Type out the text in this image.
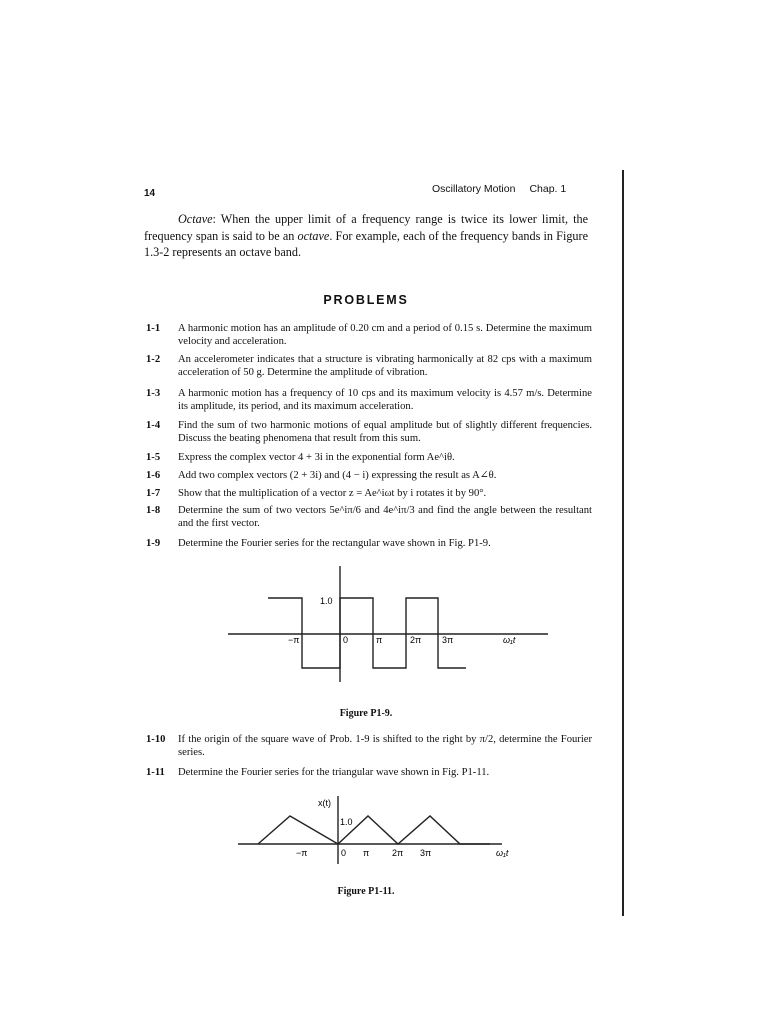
14	Oscillatory Motion Chap. 1
Octave: When the upper limit of a frequency range is twice its lower limit, the frequency span is said to be an octave. For example, each of the frequency bands in Figure 1.3-2 represents an octave band.
PROBLEMS
1-1	A harmonic motion has an amplitude of 0.20 cm and a period of 0.15 s. Determine the maximum velocity and acceleration.
1-2	An accelerometer indicates that a structure is vibrating harmonically at 82 cps with a maximum acceleration of 50 g. Determine the amplitude of vibration.
1-3	A harmonic motion has a frequency of 10 cps and its maximum velocity is 4.57 m/s. Determine its amplitude, its period, and its maximum acceleration.
1-4	Find the sum of two harmonic motions of equal amplitude but of slightly different frequencies. Discuss the beating phenomena that result from this sum.
1-5	Express the complex vector 4 + 3i in the exponential form Ae^iθ.
1-6	Add two complex vectors (2 + 3i) and (4 − i) expressing the result as A∠θ.
1-7	Show that the multiplication of a vector z = Ae^iωt by i rotates it by 90°.
1-8	Determine the sum of two vectors 5e^iπ/6 and 4e^iπ/3 and find the angle between the resultant and the first vector.
1-9	Determine the Fourier series for the rectangular wave shown in Fig. P1-9.
1.0
−π	0	π	2π 3π	ω₁t
Figure P1-9.
1-10	If the origin of the square wave of Prob. 1-9 is shifted to the right by π/2, determine the Fourier series.
1-11	Determine the Fourier series for the triangular wave shown in Fig. P1-11.
x(t)
1.0
−π	0 π	2π 3π	ω₁t
Figure P1-11.
